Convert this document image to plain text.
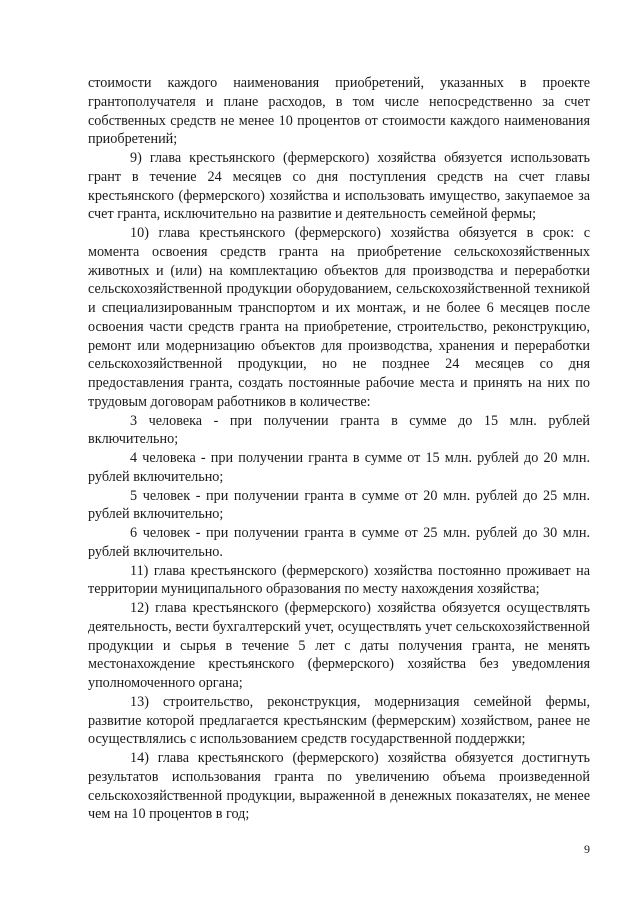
стоимости каждого наименования приобретений, указанных в проекте грантополучателя и плане расходов, в том числе непосредственно за счет собственных средств не менее 10 процентов от стоимости каждого наименования приобретений;

9) глава крестьянского (фермерского) хозяйства обязуется использовать грант в течение 24 месяцев со дня поступления средств на счет главы крестьянского (фермерского) хозяйства и использовать имущество, закупаемое за счет гранта, исключительно на развитие и деятельность семейной фермы;

10) глава крестьянского (фермерского) хозяйства обязуется в срок: с момента освоения средств гранта на приобретение сельскохозяйственных животных и (или) на комплектацию объектов для производства и переработки сельскохозяйственной продукции оборудованием, сельскохозяйственной техникой и специализированным транспортом и их монтаж, и не более 6 месяцев после освоения части средств гранта на приобретение, строительство, реконструкцию, ремонт или модернизацию объектов для производства, хранения и переработки сельскохозяйственной продукции, но не позднее 24 месяцев со дня предоставления гранта, создать постоянные рабочие места и принять на них по трудовым договорам работников в количестве:

3 человека - при получении гранта в сумме до 15 млн. рублей включительно;

4 человека - при получении гранта в сумме от 15 млн. рублей до 20 млн. рублей включительно;

5 человек - при получении гранта в сумме от 20 млн. рублей до 25 млн. рублей включительно;

6 человек - при получении гранта в сумме от 25 млн. рублей до 30 млн. рублей включительно.

11) глава крестьянского (фермерского) хозяйства постоянно проживает на территории муниципального образования по месту нахождения хозяйства;

12) глава крестьянского (фермерского) хозяйства обязуется осуществлять деятельность, вести бухгалтерский учет, осуществлять учет сельскохозяйственной продукции и сырья в течение 5 лет с даты получения гранта, не менять местонахождение крестьянского (фермерского) хозяйства без уведомления уполномоченного органа;

13) строительство, реконструкция, модернизация семейной фермы, развитие которой предлагается крестьянским (фермерским) хозяйством, ранее не осуществлялись с использованием средств государственной поддержки;

14) глава крестьянского (фермерского) хозяйства обязуется достигнуть результатов использования гранта по увеличению объема произведенной сельскохозяйственной продукции, выраженной в денежных показателях, не менее чем на 10 процентов в год;

9
